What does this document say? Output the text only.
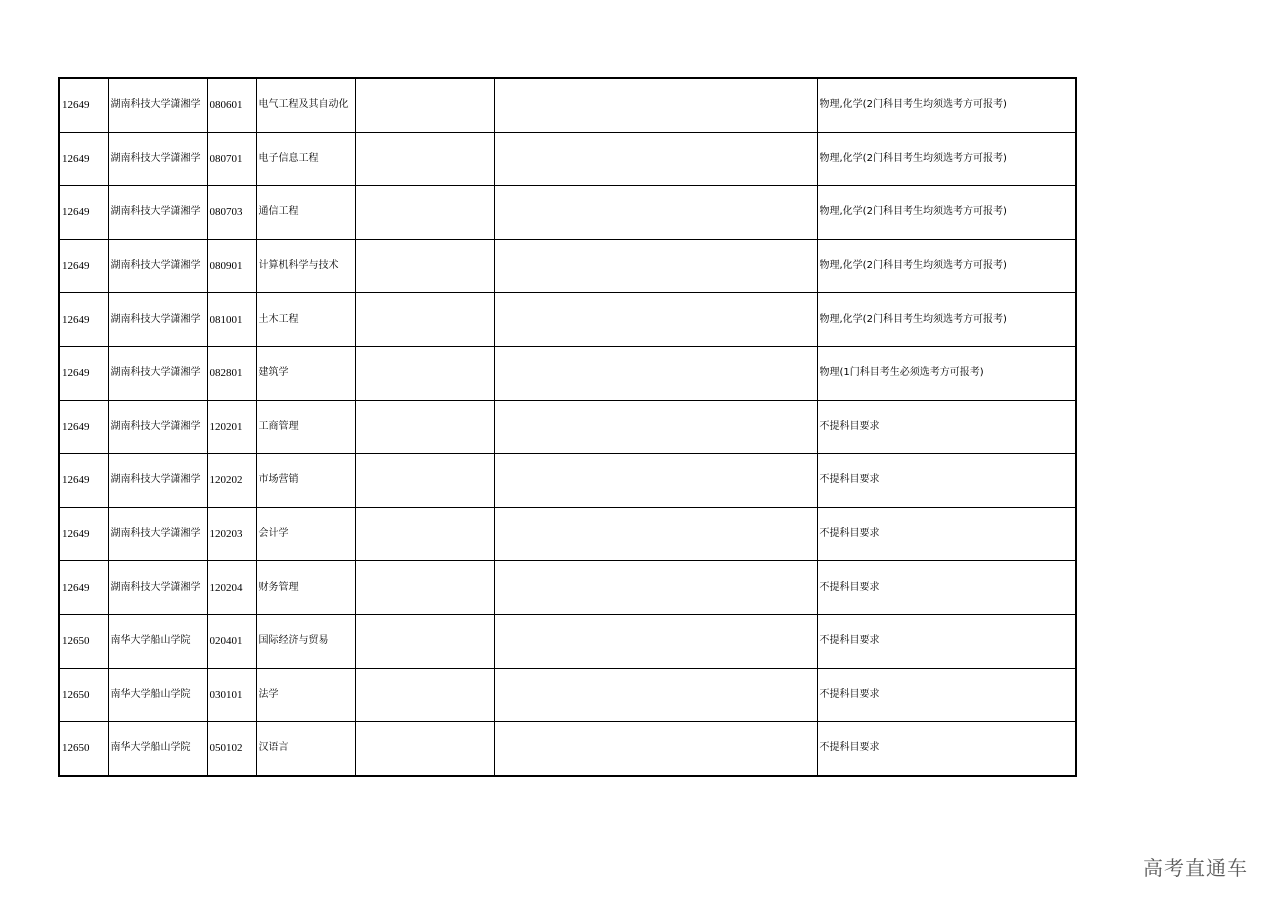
12649	湖南科技大学潇湘学	080601	电气工程及其自动化			物理,化学(2门科目考生均须选考方可报考)
12649	湖南科技大学潇湘学	080701	电子信息工程			物理,化学(2门科目考生均须选考方可报考)
12649	湖南科技大学潇湘学	080703	通信工程			物理,化学(2门科目考生均须选考方可报考)
12649	湖南科技大学潇湘学	080901	计算机科学与技术			物理,化学(2门科目考生均须选考方可报考)
12649	湖南科技大学潇湘学	081001	土木工程			物理,化学(2门科目考生均须选考方可报考)
12649	湖南科技大学潇湘学	082801	建筑学			物理(1门科目考生必须选考方可报考)
12649	湖南科技大学潇湘学	120201	工商管理			不提科目要求
12649	湖南科技大学潇湘学	120202	市场营销			不提科目要求
12649	湖南科技大学潇湘学	120203	会计学			不提科目要求
12649	湖南科技大学潇湘学	120204	财务管理			不提科目要求
12650	南华大学船山学院	020401	国际经济与贸易			不提科目要求
12650	南华大学船山学院	030101	法学			不提科目要求
12650	南华大学船山学院	050102	汉语言			不提科目要求
高考直通车
